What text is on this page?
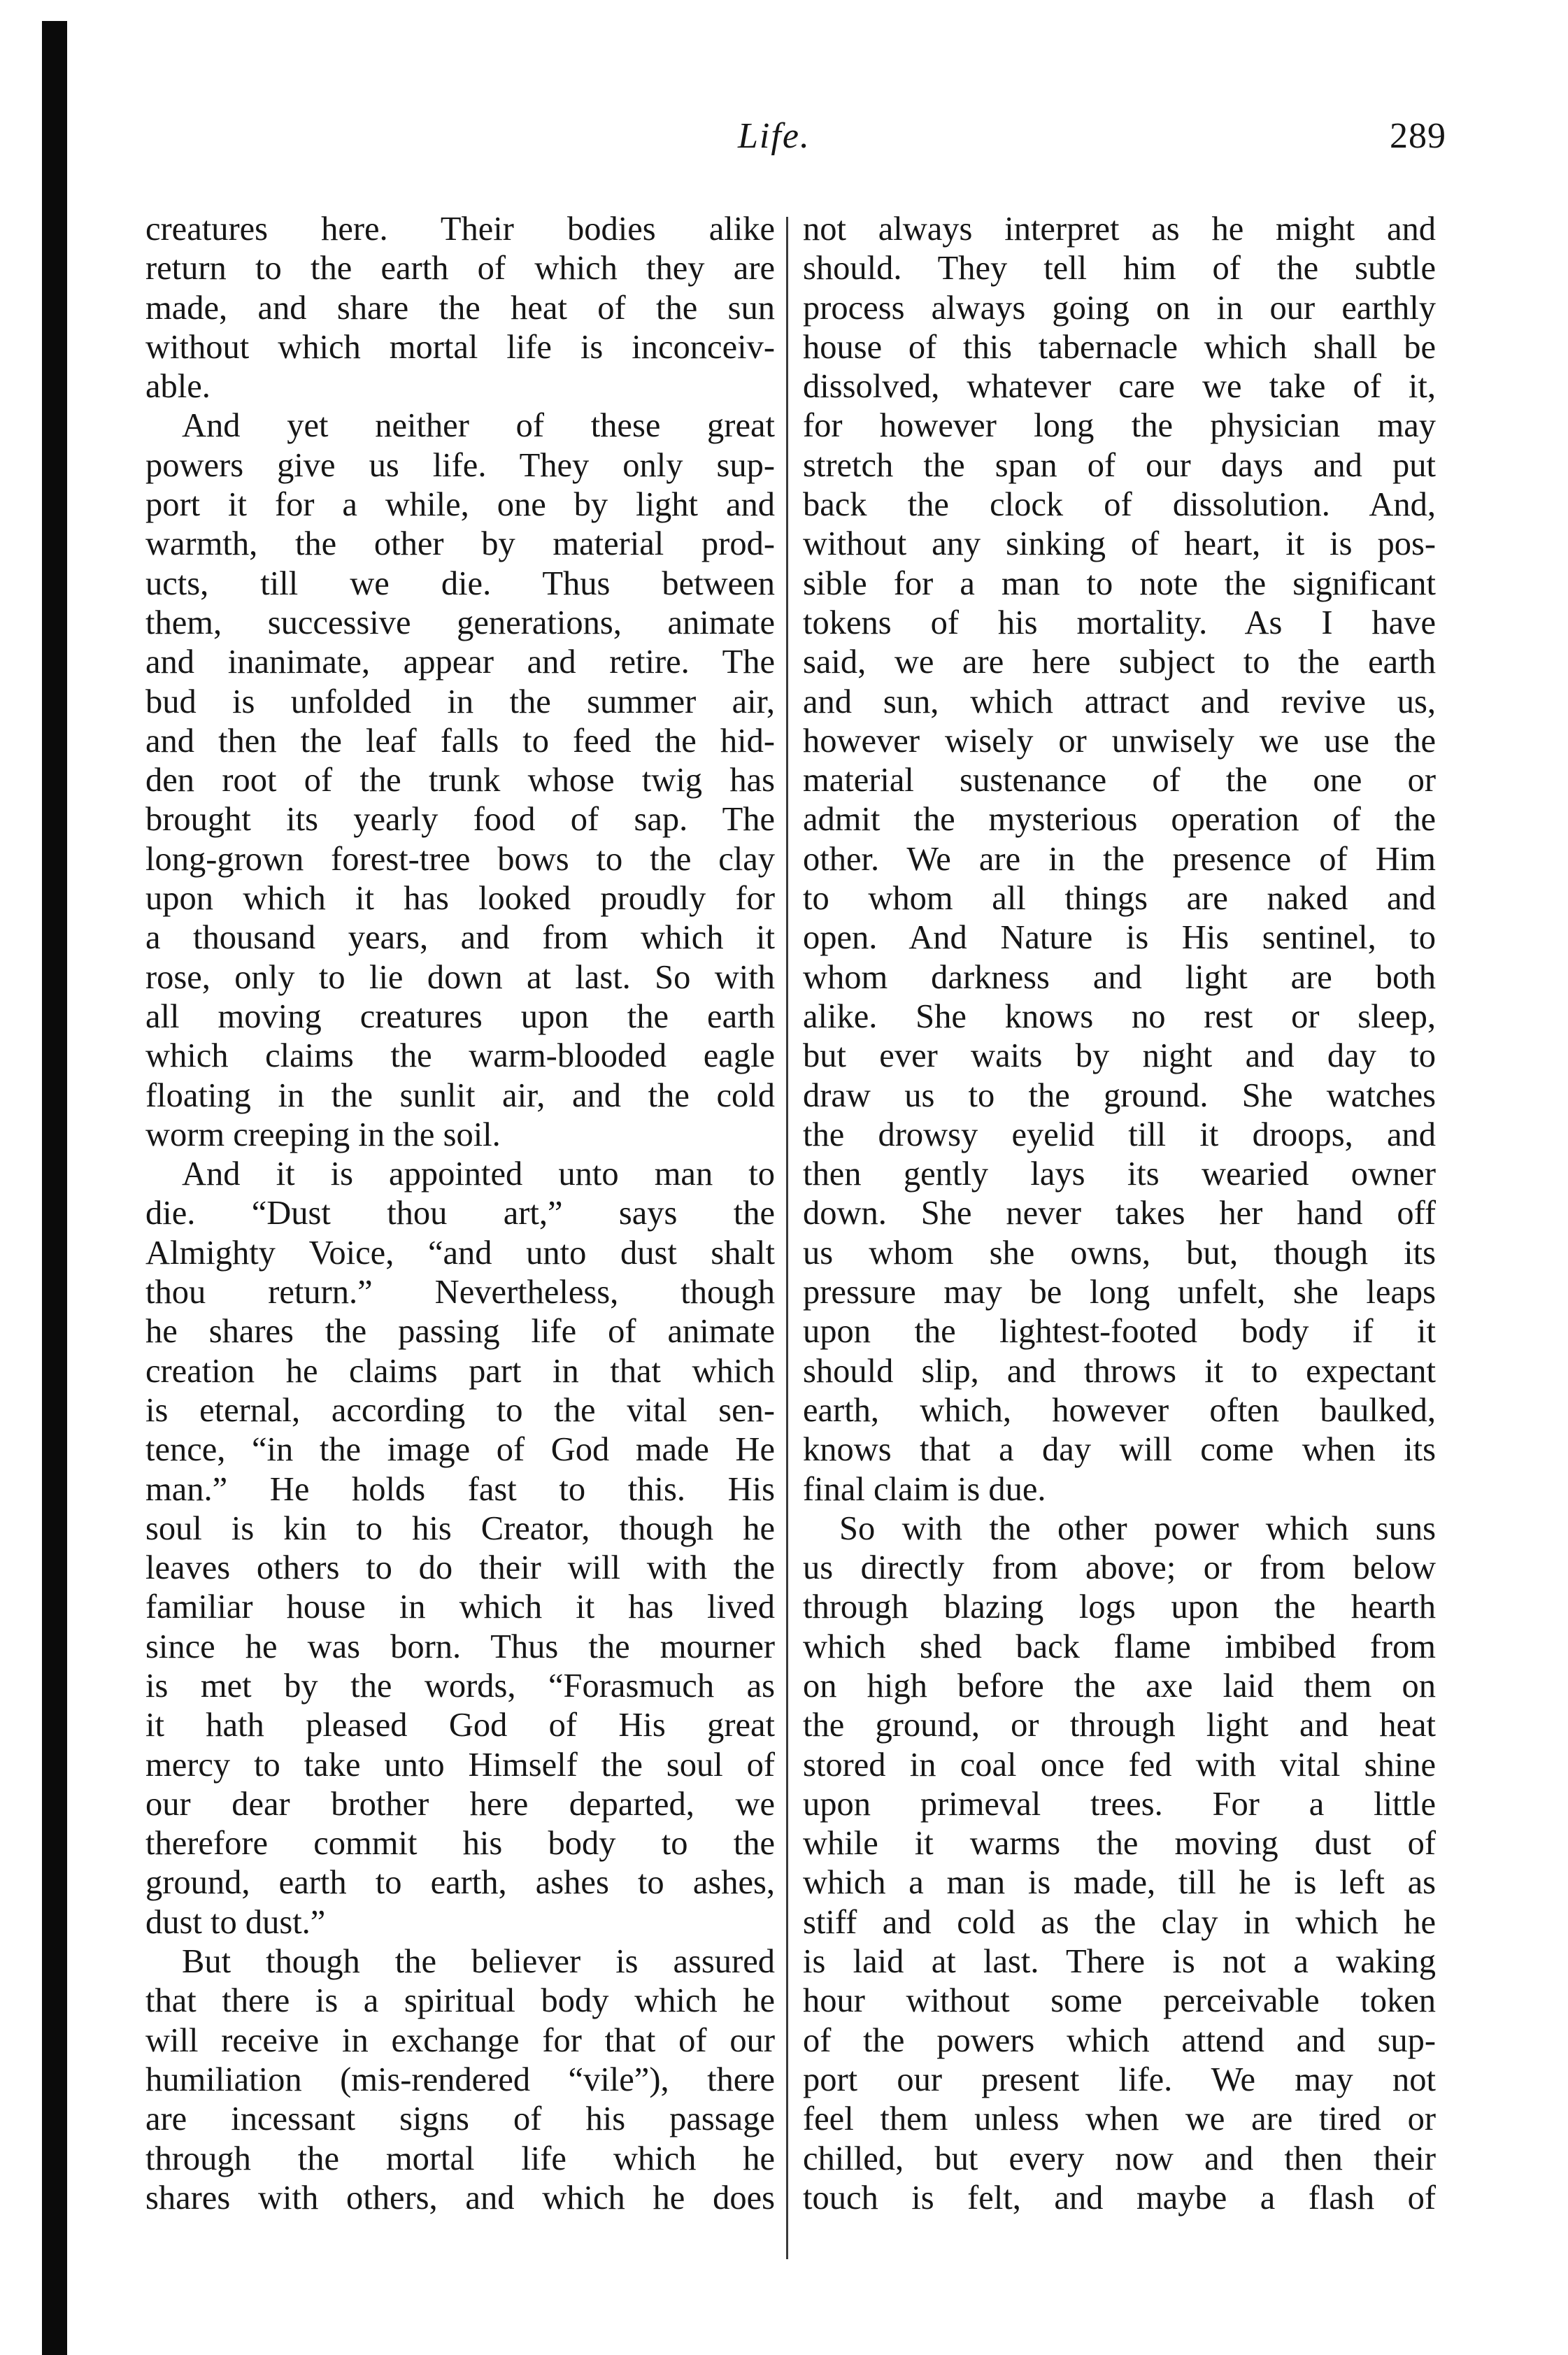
Life.	289
creatures here. Their bodies alike
return to the earth of which they are
made, and share the heat of the sun
without which mortal life is inconceiv-
able.
And yet neither of these great
powers give us life. They only sup-
port it for a while, one by light and
warmth, the other by material prod-
ucts, till we die. Thus between
them, successive generations, animate
and inanimate, appear and retire. The
bud is unfolded in the summer air,
and then the leaf falls to feed the hid-
den root of the trunk whose twig has
brought its yearly food of sap. The
long-grown forest-tree bows to the clay
upon which it has looked proudly for
a thousand years, and from which it
rose, only to lie down at last. So with
all moving creatures upon the earth
which claims the warm-blooded eagle
floating in the sunlit air, and the cold
worm creeping in the soil.
And it is appointed unto man to
die. “Dust thou art,” says the
Almighty Voice, “and unto dust shalt
thou return.” Nevertheless, though
he shares the passing life of animate
creation he claims part in that which
is eternal, according to the vital sen-
tence, “in the image of God made He
man.” He holds fast to this. His
soul is kin to his Creator, though he
leaves others to do their will with the
familiar house in which it has lived
since he was born. Thus the mourner
is met by the words, “Forasmuch as
it hath pleased God of His great
mercy to take unto Himself the soul of
our dear brother here departed, we
therefore commit his body to the
ground, earth to earth, ashes to ashes,
dust to dust.”
But though the believer is assured
that there is a spiritual body which he
will receive in exchange for that of our
humiliation (mis-rendered “vile”), there
are incessant signs of his passage
through the mortal life which he
shares with others, and which he does
not always interpret as he might and
should. They tell him of the subtle
process always going on in our earthly
house of this tabernacle which shall be
dissolved, whatever care we take of it,
for however long the physician may
stretch the span of our days and put
back the clock of dissolution. And,
without any sinking of heart, it is pos-
sible for a man to note the significant
tokens of his mortality. As I have
said, we are here subject to the earth
and sun, which attract and revive us,
however wisely or unwisely we use the
material sustenance of the one or
admit the mysterious operation of the
other. We are in the presence of Him
to whom all things are naked and
open. And Nature is His sentinel, to
whom darkness and light are both
alike. She knows no rest or sleep,
but ever waits by night and day to
draw us to the ground. She watches
the drowsy eyelid till it droops, and
then gently lays its wearied owner
down. She never takes her hand off
us whom she owns, but, though its
pressure may be long unfelt, she leaps
upon the lightest-footed body if it
should slip, and throws it to expectant
earth, which, however often baulked,
knows that a day will come when its
final claim is due.
So with the other power which suns
us directly from above; or from below
through blazing logs upon the hearth
which shed back flame imbibed from
on high before the axe laid them on
the ground, or through light and heat
stored in coal once fed with vital shine
upon primeval trees. For a little
while it warms the moving dust of
which a man is made, till he is left as
stiff and cold as the clay in which he
is laid at last. There is not a waking
hour without some perceivable token
of the powers which attend and sup-
port our present life. We may not
feel them unless when we are tired or
chilled, but every now and then their
touch is felt, and maybe a flash of
